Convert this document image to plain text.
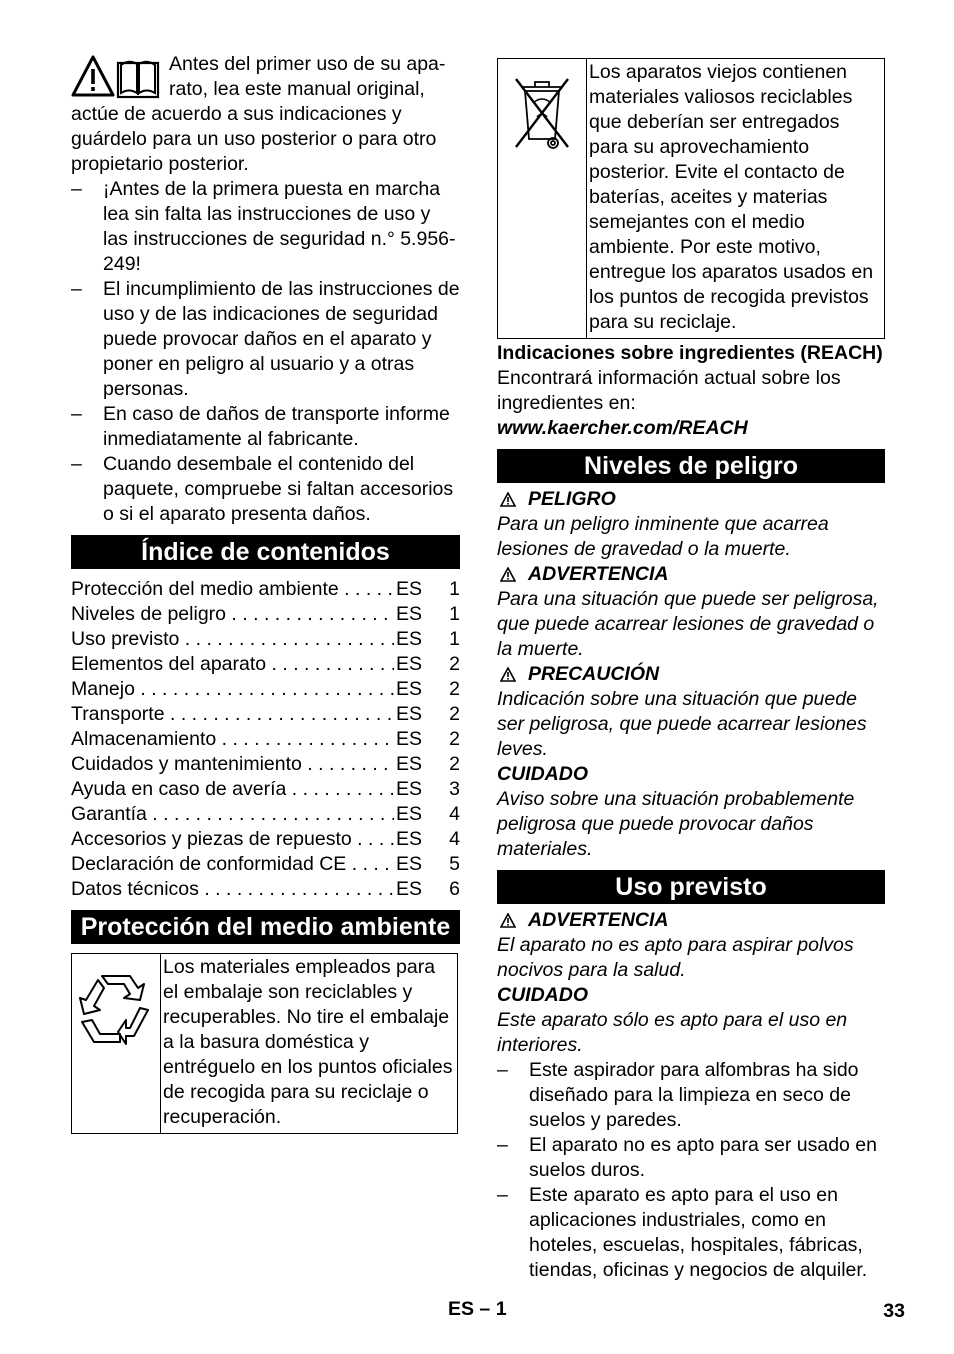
Antes del primer uso de su apa-

rato, lea este manual original,

actúe de acuerdo a sus indicaciones y guárdelo para un uso posterior o para otro propietario posterior.

– ¡Antes de la primera puesta en marcha lea sin falta las instrucciones de uso y las instrucciones de seguridad n.° 5.956-249!
– El incumplimiento de las instrucciones de uso y de las indicaciones de seguridad puede provocar daños en el aparato y poner en peligro al usuario y a otras personas.
– En caso de daños de transporte informe inmediatamente al fabricante.
– Cuando desembale el contenido del paquete, compruebe si faltan accesorios o si el aparato presenta daños.
Índice de contenidos
Protección del medio ambiente . . .	ES	1
Niveles de peligro . . .	ES	1
Uso previsto . . .	ES	1
Elementos del aparato . . .	ES	2
Manejo . . .	ES	2
Transporte . . .	ES	2
Almacenamiento . . .	ES	2
Cuidados y mantenimiento . . .	ES	2
Ayuda en caso de avería . . .	ES	3
Garantía . . .	ES	4
Accesorios y piezas de repuesto . . .	ES	4
Declaración de conformidad CE . . .	ES	5
Datos técnicos . . .	ES	6
Protección del medio ambiente
Los materiales empleados para el embalaje son reciclables y recuperables. No tire el embalaje a la basura doméstica y entréguelo en los puntos oficiales de recogida para su reciclaje o recuperación.
Los aparatos viejos contienen materiales valiosos reciclables que deberían ser entregados para su aprovechamiento posterior. Evite el contacto de baterías, aceites y materias semejantes con el medio ambiente. Por este motivo, entregue los aparatos usados en los puntos de recogida previstos para su reciclaje.

Indicaciones sobre ingredientes (REACH)

Encontrará información actual sobre los ingredientes en:

www.kaercher.com/REACH

Niveles de peligro
PELIGRO

Para un peligro inminente que acarrea lesiones de gravedad o la muerte.

ADVERTENCIA

Para una situación que puede ser peligrosa, que puede acarrear lesiones de gravedad o la muerte.

PRECAUCIÓN

Indicación sobre una situación que puede ser peligrosa, que puede acarrear lesiones leves.

CUIDADO

Aviso sobre una situación probablemente peligrosa que puede provocar daños materiales.

Uso previsto
ADVERTENCIA

El aparato no es apto para aspirar polvos nocivos para la salud.

CUIDADO

Este aparato sólo es apto para el uso en interiores.

– Este aspirador para alfombras ha sido diseñado para la limpieza en seco de suelos y paredes.
– El aparato no es apto para ser usado en suelos duros.
– Este aparato es apto para el uso en aplicaciones industriales, como en hoteles, escuelas, hospitales, fábricas, tiendas, oficinas y negocios de alquiler.
ES – 1	33
